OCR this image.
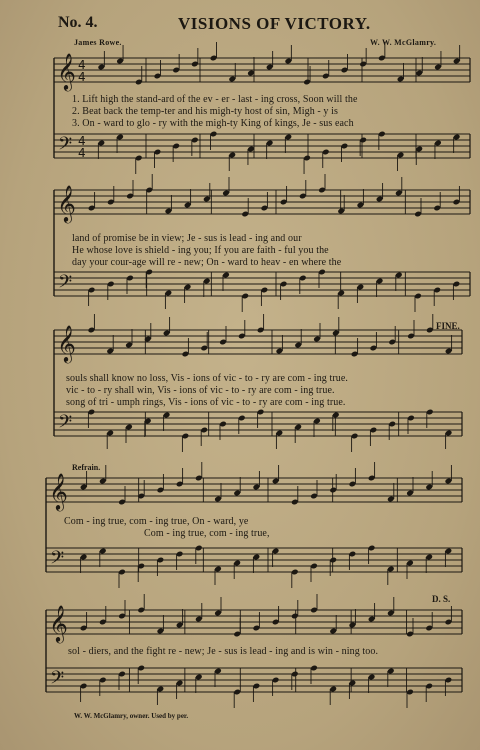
No. 4.	VISIONS OF VICTORY.
James Rowe.	W. W. McGlamry.
𝄞
𝄢
4
4
4
4
𝄞
𝄢
𝄞
𝄢
𝄞
𝄢
𝄞
𝄢
1. Lift high the stand-ard of the ev - er - last - ing cross, Soon will the
2. Beat back the temp-ter and his migh-ty host of sin, Migh - y is
3. On - ward to glo - ry with the migh-ty King of kings, Je - sus each
land of promise be in view; Je - sus is lead - ing and our
He whose love is shield - ing you; If you are faith - ful you the
day your cour-age will re - new; On - ward to heav - en where the
souls shall know no loss, Vis - ions of vic - to - ry are com - ing true.
vic - to - ry shall win, Vis - ions of vic - to - ry are com - ing true.
song of tri - umph rings, Vis - ions of vic - to - ry are com - ing true.
FINE.
Refrain.
Com - ing true, com - ing true, On - ward, ye
Com - ing true, com - ing true,
D. S.
sol - diers, and the fight re - new; Je - sus is lead - ing and is win - ning too.
W. W. McGlamry, owner. Used by per.
